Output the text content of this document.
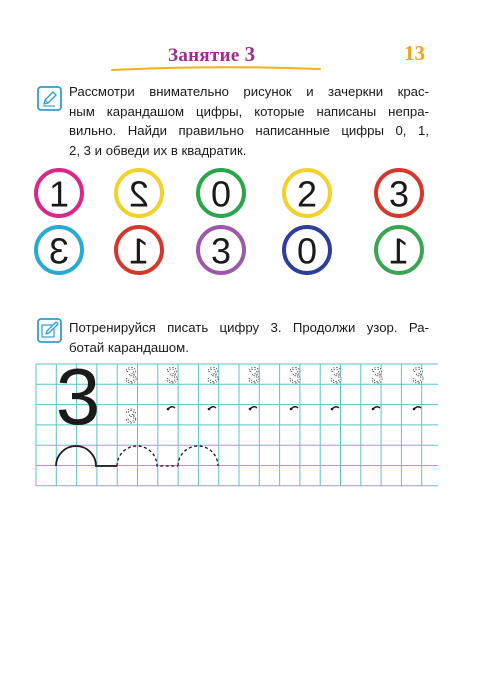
Занятие 3	13
Рассмотри внимательно рисунок и зачеркни крас-
ным карандашом цифры, которые написаны непра-
вильно. Найди правильно написанные цифры 0, 1,
2, 3 и обведи их в квадратик.
1 2 0 2 3
3 1 3 0 1
Потренируйся писать цифру 3. Продолжи узор. Ра-
ботай карандашом.
3 3 3 3 3 3 3 3 3
3
